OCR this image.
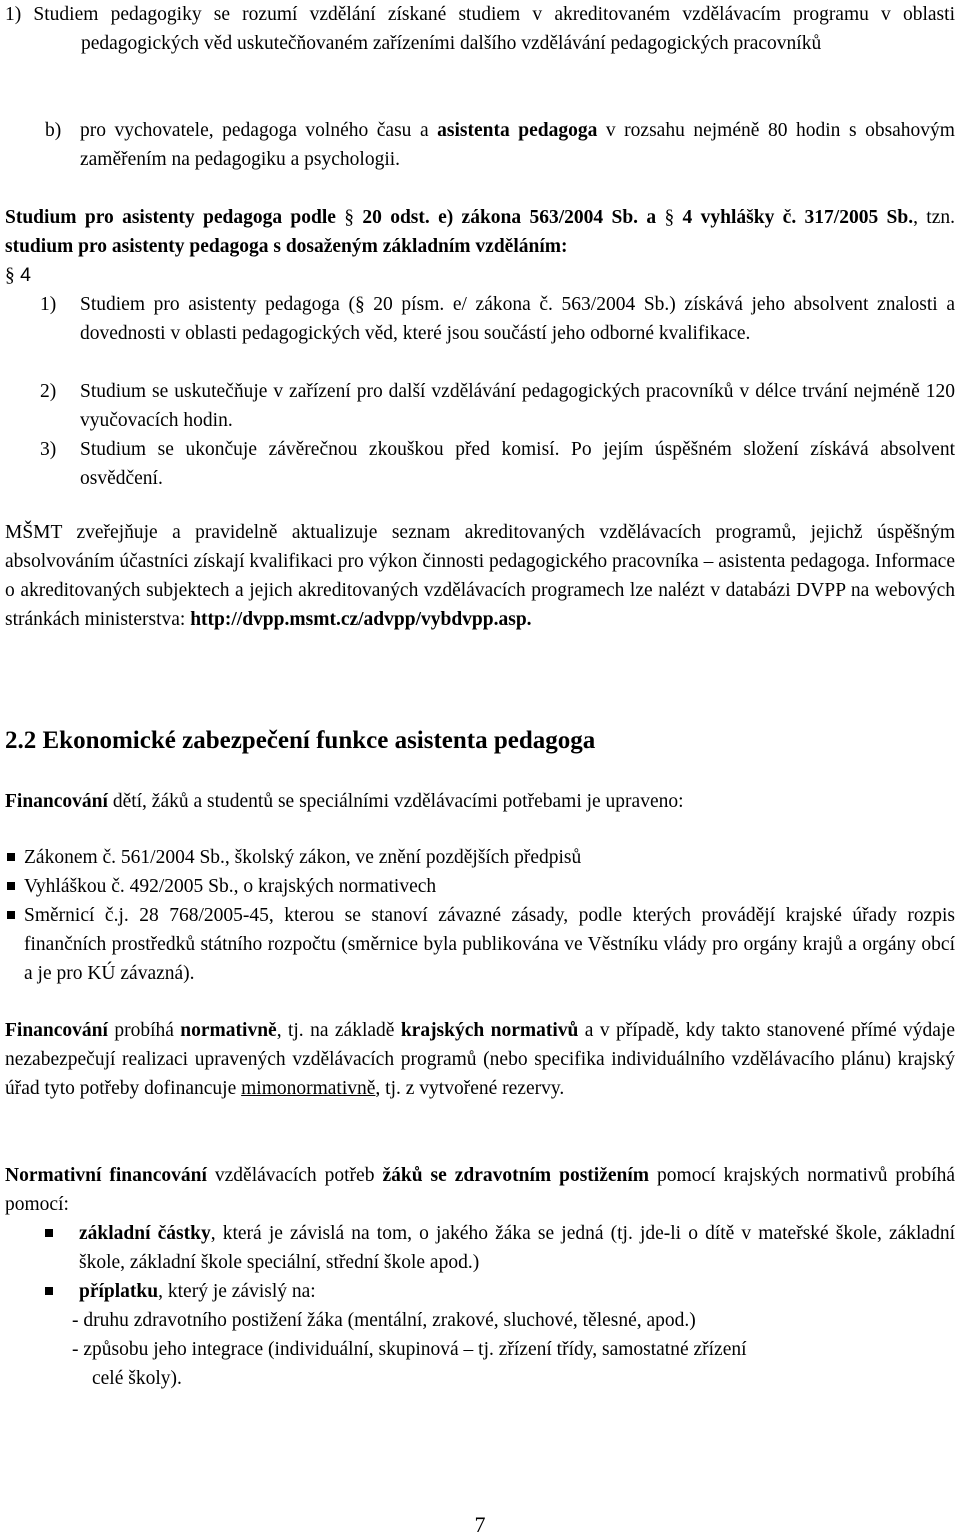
1) Studiem pedagogiky se rozumí vzdělání získané studiem v akreditovaném vzdělávacím programu v oblasti pedagogických věd uskutečňovaném zařízeními dalšího vzdělávání pedagogických pracovníků

b) pro vychovatele, pedagoga volného času a asistenta pedagoga v rozsahu nejméně 80 hodin s obsahovým zaměřením na pedagogiku a psychologii.

Studium pro asistenty pedagoga podle § 20 odst. e) zákona 563/2004 Sb. a § 4 vyhlášky č. 317/2005 Sb., tzn. studium pro asistenty pedagoga s dosaženým základním vzděláním:
§ 4

1) Studiem pro asistenty pedagoga (§ 20 písm. e/ zákona č. 563/2004 Sb.) získává jeho absolvent znalosti a dovednosti v oblasti pedagogických věd, které jsou součástí jeho odborné kvalifikace.

2) Studium se uskutečňuje v zařízení pro další vzdělávání pedagogických pracovníků v délce trvání nejméně 120 vyučovacích hodin.

3) Studium se ukončuje závěrečnou zkouškou před komisí. Po jejím úspěšném složení získává absolvent osvědčení.

MŠMT zveřejňuje a pravidelně aktualizuje seznam akreditovaných vzdělávacích programů, jejichž úspěšným absolvováním účastníci získají kvalifikaci pro výkon činnosti pedagogického pracovníka – asistenta pedagoga. Informace o akreditovaných subjektech a jejich akreditovaných vzdělávacích programech lze nalézt v databázi DVPP na webových stránkách ministerstva: http://dvpp.msmt.cz/advpp/vybdvpp.asp.

2.2 Ekonomické zabezpečení funkce asistenta pedagoga

Financování dětí, žáků a studentů se speciálními vzdělávacími potřebami je upraveno:

Zákonem č. 561/2004 Sb., školský zákon, ve znění pozdějších předpisů

Vyhláškou č. 492/2005 Sb., o krajských normativech

Směrnicí č.j. 28 768/2005-45, kterou se stanoví závazné zásady, podle kterých provádějí krajské úřady rozpis finančních prostředků státního rozpočtu (směrnice byla publikována ve Věstníku vlády pro orgány krajů a orgány obcí a je pro KÚ závazná).

Financování probíhá normativně, tj. na základě krajských normativů a v případě, kdy takto stanovené přímé výdaje nezabezpečují realizaci upravených vzdělávacích programů (nebo specifika individuálního vzdělávacího plánu) krajský úřad tyto potřeby dofinancuje mimonormativně, tj. z vytvořené rezervy.

Normativní financování vzdělávacích potřeb žáků se zdravotním postižením pomocí krajských normativů probíhá pomocí:

základní částky, která je závislá na tom, o jakého žáka se jedná (tj. jde-li o dítě v mateřské škole, základní škole, základní škole speciální, střední škole apod.)

příplatku, který je závislý na:

- druhu zdravotního postižení žáka (mentální, zrakové, sluchové, tělesné, apod.)
- způsobu jeho integrace (individuální, skupinová – tj. zřízení třídy, samostatné zřízení
celé školy).
7
